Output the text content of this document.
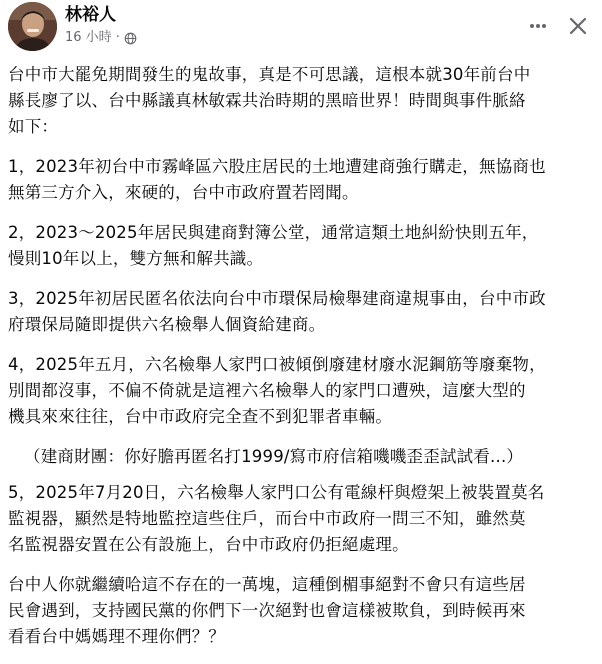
林裕人
16 小時 ·

台中市大罷免期間發生的鬼故事，真是不可思議，這根本就30年前台中
縣長廖了以、台中縣議真林敏霖共治時期的黑暗世界！時間與事件脈絡
如下：

1，2023年初台中市霧峰區六股庄居民的土地遭建商強行購走，無協商也
無第三方介入，來硬的，台中市政府置若罔聞。

2，2023～2025年居民與建商對簿公堂，通常這類土地糾紛快則五年，
慢則10年以上，雙方無和解共識。

3，2025年初居民匿名依法向台中市環保局檢舉建商違規事由，台中市政
府環保局隨即提供六名檢舉人個資給建商。

4，2025年五月，六名檢舉人家門口被傾倒廢建材廢水泥鋼筋等廢棄物，
別間都沒事，不偏不倚就是這裡六名檢舉人的家門口遭殃，這麼大型的
機具來來往往，台中市政府完全查不到犯罪者車輛。

（建商財團：你好膽再匿名打1999/寫市府信箱嘰嘰歪歪試試看...）

5，2025年7月20日，六名檢舉人家門口公有電線杆與燈架上被裝置莫名
監視器，顯然是特地監控這些住戶，而台中市政府一問三不知，雖然莫
名監視器安置在公有設施上，台中市政府仍拒絕處理。

台中人你就繼續哈這不存在的一萬塊，這種倒楣事絕對不會只有這些居
民會遇到，支持國民黨的你們下一次絕對也會這樣被欺負，到時候再來
看看台中媽媽理不理你們？？
